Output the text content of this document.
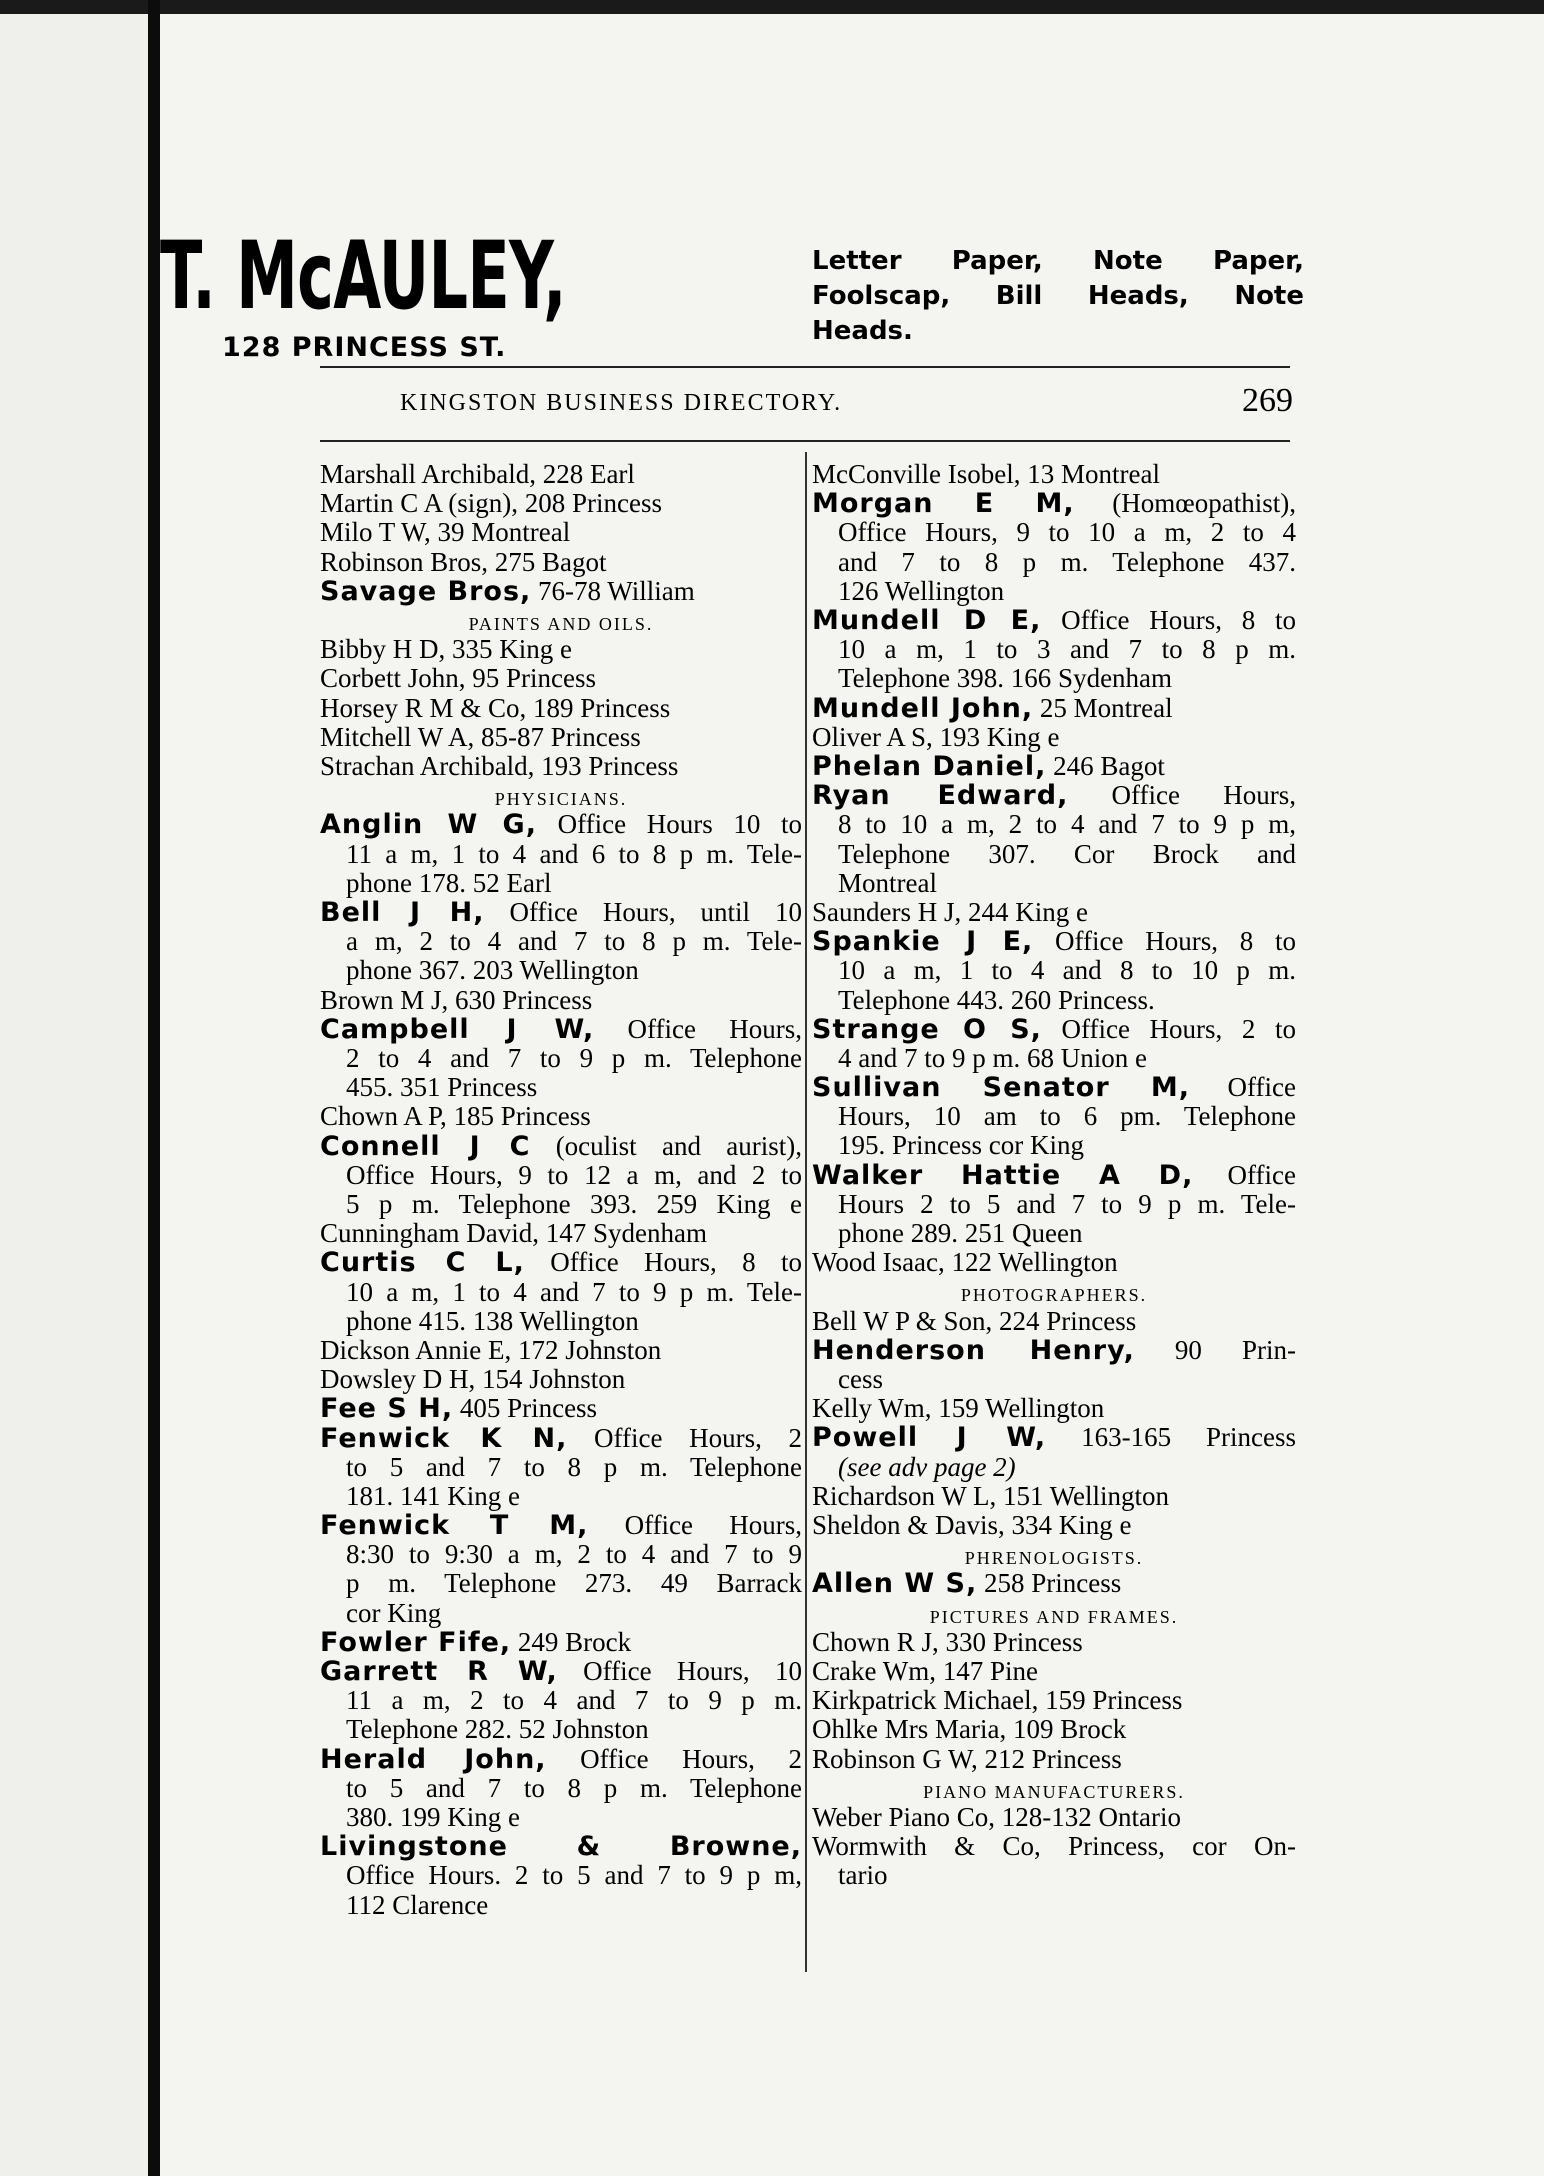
T. McAULEY,
128 PRINCESS ST.
Letter Paper, Note Paper, Foolscap, Bill Heads, Note Heads.
KINGSTON BUSINESS DIRECTORY.	269
Marshall Archibald, 228 Earl
Martin C A (sign), 208 Princess
Milo T W, 39 Montreal
Robinson Bros, 275 Bagot
Savage Bros, 76-78 William
PAINTS AND OILS.
Bibby H D, 335 King e
Corbett John, 95 Princess
Horsey R M & Co, 189 Princess
Mitchell W A, 85-87 Princess
Strachan Archibald, 193 Princess
PHYSICIANS.
Anglin W G, Office Hours 10 to
11 a m, 1 to 4 and 6 to 8 p m. Tele-
phone 178. 52 Earl
Bell J H, Office Hours, until 10
a m, 2 to 4 and 7 to 8 p m. Tele-
phone 367. 203 Wellington
Brown M J, 630 Princess
Campbell J W, Office Hours,
2 to 4 and 7 to 9 p m. Telephone
455. 351 Princess
Chown A P, 185 Princess
Connell J C (oculist and aurist),
Office Hours, 9 to 12 a m, and 2 to
5 p m. Telephone 393. 259 King e
Cunningham David, 147 Sydenham
Curtis C L, Office Hours, 8 to
10 a m, 1 to 4 and 7 to 9 p m. Tele-
phone 415. 138 Wellington
Dickson Annie E, 172 Johnston
Dowsley D H, 154 Johnston
Fee S H, 405 Princess
Fenwick K N, Office Hours, 2
to 5 and 7 to 8 p m. Telephone
181. 141 King e
Fenwick T M, Office Hours,
8:30 to 9:30 a m, 2 to 4 and 7 to 9
p m. Telephone 273. 49 Barrack
cor King
Fowler Fife, 249 Brock
Garrett R W, Office Hours, 10
11 a m, 2 to 4 and 7 to 9 p m.
Telephone 282. 52 Johnston
Herald John, Office Hours, 2
to 5 and 7 to 8 p m. Telephone
380. 199 King e
Livingstone & Browne,
Office Hours. 2 to 5 and 7 to 9 p m,
112 Clarence
McConville Isobel, 13 Montreal
Morgan E M, (Homœopathist),
Office Hours, 9 to 10 a m, 2 to 4
and 7 to 8 p m. Telephone 437.
126 Wellington
Mundell D E, Office Hours, 8 to
10 a m, 1 to 3 and 7 to 8 p m.
Telephone 398. 166 Sydenham
Mundell John, 25 Montreal
Oliver A S, 193 King e
Phelan Daniel, 246 Bagot
Ryan Edward, Office Hours,
8 to 10 a m, 2 to 4 and 7 to 9 p m,
Telephone 307. Cor Brock and
Montreal
Saunders H J, 244 King e
Spankie J E, Office Hours, 8 to
10 a m, 1 to 4 and 8 to 10 p m.
Telephone 443. 260 Princess.
Strange O S, Office Hours, 2 to
4 and 7 to 9 p m. 68 Union e
Sullivan Senator M, Office
Hours, 10 am to 6 pm. Telephone
195. Princess cor King
Walker Hattie A D, Office
Hours 2 to 5 and 7 to 9 p m. Tele-
phone 289. 251 Queen
Wood Isaac, 122 Wellington
PHOTOGRAPHERS.
Bell W P & Son, 224 Princess
Henderson Henry, 90 Prin-
cess
Kelly Wm, 159 Wellington
Powell J W, 163-165 Princess
(see adv page 2)
Richardson W L, 151 Wellington
Sheldon & Davis, 334 King e
PHRENOLOGISTS.
Allen W S, 258 Princess
PICTURES AND FRAMES.
Chown R J, 330 Princess
Crake Wm, 147 Pine
Kirkpatrick Michael, 159 Princess
Ohlke Mrs Maria, 109 Brock
Robinson G W, 212 Princess
PIANO MANUFACTURERS.
Weber Piano Co, 128-132 Ontario
Wormwith & Co, Princess, cor On-
tario
